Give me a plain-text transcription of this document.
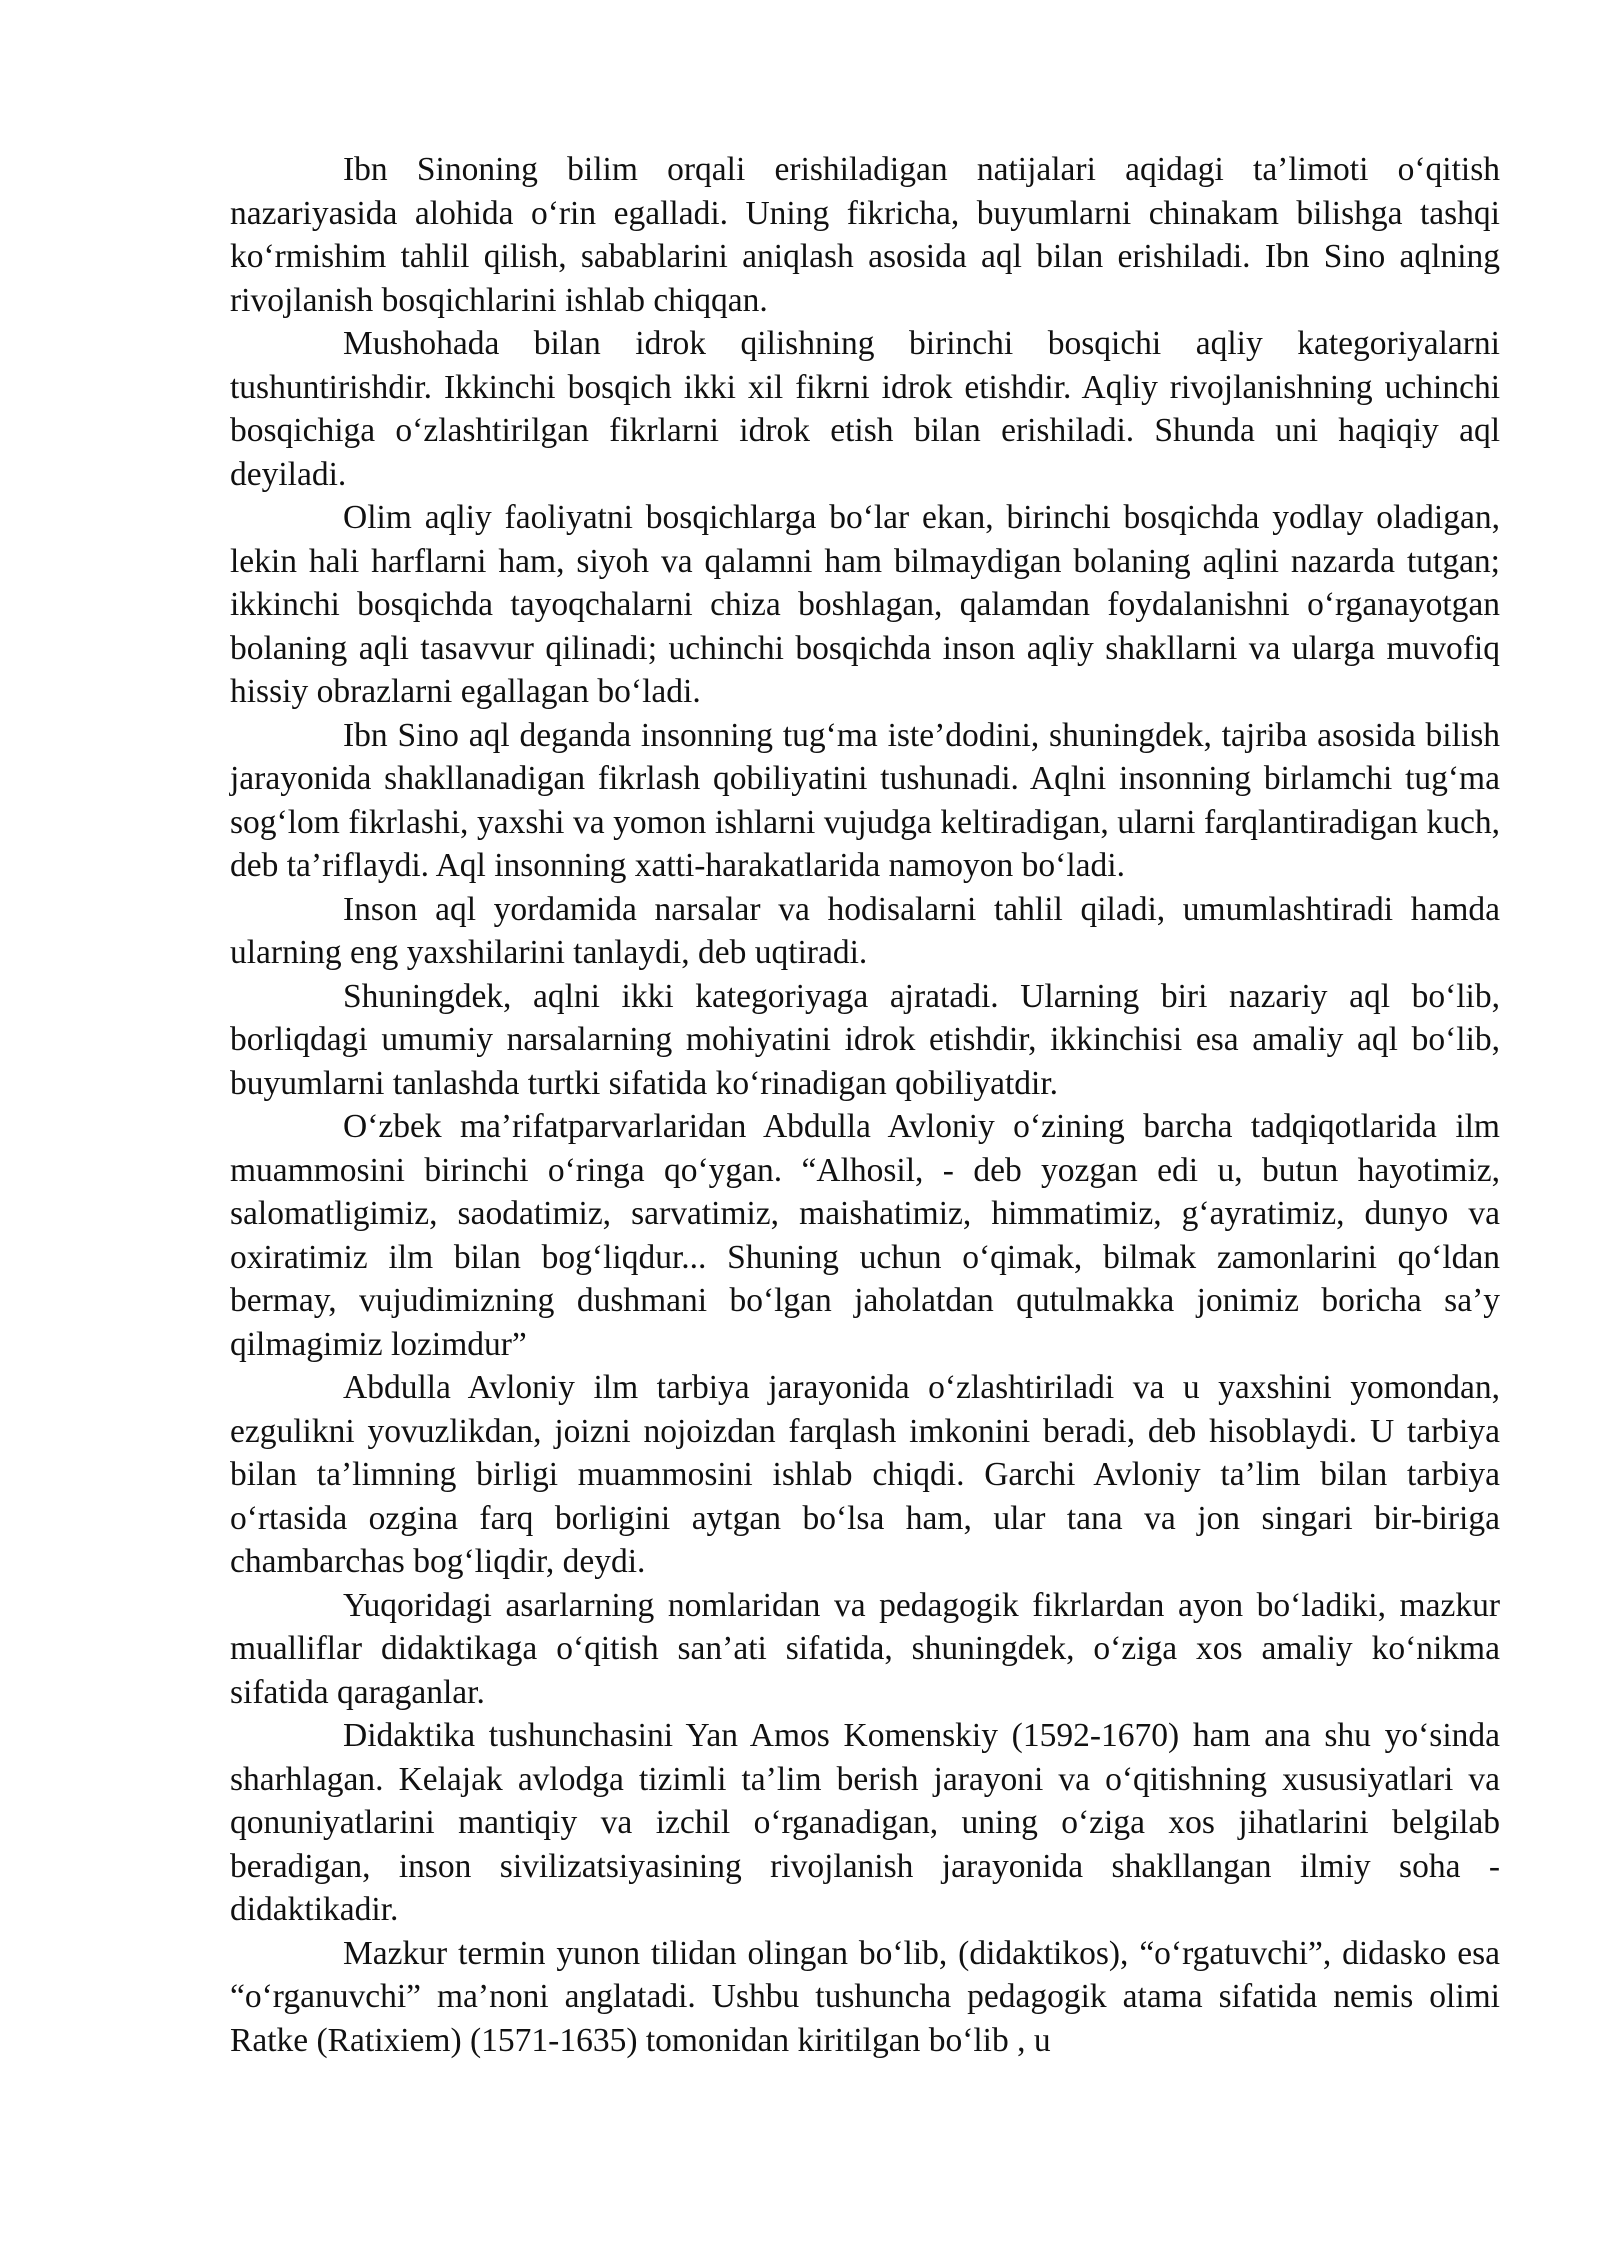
Ibn Sinoning bilim orqali erishiladigan natijalari aqidagi ta’limoti o‘qitish nazariyasida alohida o‘rin egalladi. Uning fikricha, buyumlarni chinakam bilishga tashqi ko‘rmishim tahlil qilish, sabablarini aniqlash asosida aql bilan erishiladi. Ibn Sino aqlning rivojlanish bosqichlarini ishlab chiqqan.

Mushohada bilan idrok qilishning birinchi bosqichi aqliy kategoriyalarni tushuntirishdir. Ikkinchi bosqich ikki xil fikrni idrok etishdir. Aqliy rivojlanishning uchinchi bosqichiga o‘zlashtirilgan fikrlarni idrok etish bilan erishiladi. Shunda uni haqiqiy aql deyiladi.

Olim aqliy faoliyatni bosqichlarga bo‘lar ekan, birinchi bosqichda yodlay oladigan, lekin hali harflarni ham, siyoh va qalamni ham bilmaydigan bolaning aqlini nazarda tutgan; ikkinchi bosqichda tayoqchalarni chiza boshlagan, qalamdan foydalanishni o‘rganayotgan bolaning aqli tasavvur qilinadi; uchinchi bosqichda inson aqliy shakllarni va ularga muvofiq hissiy obrazlarni egallagan bo‘ladi.

Ibn Sino aql deganda insonning tug‘ma iste’dodini, shuningdek, tajriba asosida bilish jarayonida shakllanadigan fikrlash qobiliyatini tushunadi. Aqlni insonning birlamchi tug‘ma sog‘lom fikrlashi, yaxshi va yomon ishlarni vujudga keltiradigan, ularni farqlantiradigan kuch, deb ta’riflaydi. Aql insonning xatti-harakatlarida namoyon bo‘ladi.

Inson aql yordamida narsalar va hodisalarni tahlil qiladi, umumlashtiradi hamda ularning eng yaxshilarini tanlaydi, deb uqtiradi.

Shuningdek, aqlni ikki kategoriyaga ajratadi. Ularning biri nazariy aql bo‘lib, borliqdagi umumiy narsalarning mohiyatini idrok etishdir, ikkinchisi esa amaliy aql bo‘lib, buyumlarni tanlashda turtki sifatida ko‘rinadigan qobiliyatdir.

O‘zbek ma’rifatparvarlaridan Abdulla Avloniy o‘zining barcha tadqiqotlarida ilm muammosini birinchi o‘ringa qo‘ygan. “Alhosil, - deb yozgan edi u, butun hayotimiz, salomatligimiz, saodatimiz, sarvatimiz, maishatimiz, himmatimiz, g‘ayratimiz, dunyo va oxiratimiz ilm bilan bog‘liqdur... Shuning uchun o‘qimak, bilmak zamonlarini qo‘ldan bermay, vujudimizning dushmani bo‘lgan jaholatdan qutulmakka jonimiz boricha sa’y qilmagimiz lozimdur”

Abdulla Avloniy ilm tarbiya jarayonida o‘zlashtiriladi va u yaxshini yomondan, ezgulikni yovuzlikdan, joizni nojoizdan farqlash imkonini beradi, deb hisoblaydi. U tarbiya bilan ta’limning birligi muammosini ishlab chiqdi. Garchi Avloniy ta’lim bilan tarbiya o‘rtasida ozgina farq borligini aytgan bo‘lsa ham, ular tana va jon singari bir-biriga chambarchas bog‘liqdir, deydi.

Yuqoridagi asarlarning nomlaridan va pedagogik fikrlardan ayon bo‘ladiki, mazkur mualliflar didaktikaga o‘qitish san’ati sifatida, shuningdek, o‘ziga xos amaliy ko‘nikma sifatida qaraganlar.

Didaktika tushunchasini Yan Amos Komenskiy (1592-1670) ham ana shu yo‘sinda sharhlagan. Kelajak avlodga tizimli ta’lim berish jarayoni va o‘qitishning xususiyatlari va qonuniyatlarini mantiqiy va izchil o‘rganadigan, uning o‘ziga xos jihatlarini belgilab beradigan, inson sivilizatsiyasining rivojlanish jarayonida shakllangan ilmiy soha - didaktikadir.

Mazkur termin yunon tilidan olingan bo‘lib, (didaktikos), “o‘rgatuvchi”, didasko esa “o‘rganuvchi” ma’noni anglatadi. Ushbu tushuncha pedagogik atama sifatida nemis olimi Ratke (Ratixiem) (1571-1635) tomonidan kiritilgan bo‘lib , u
